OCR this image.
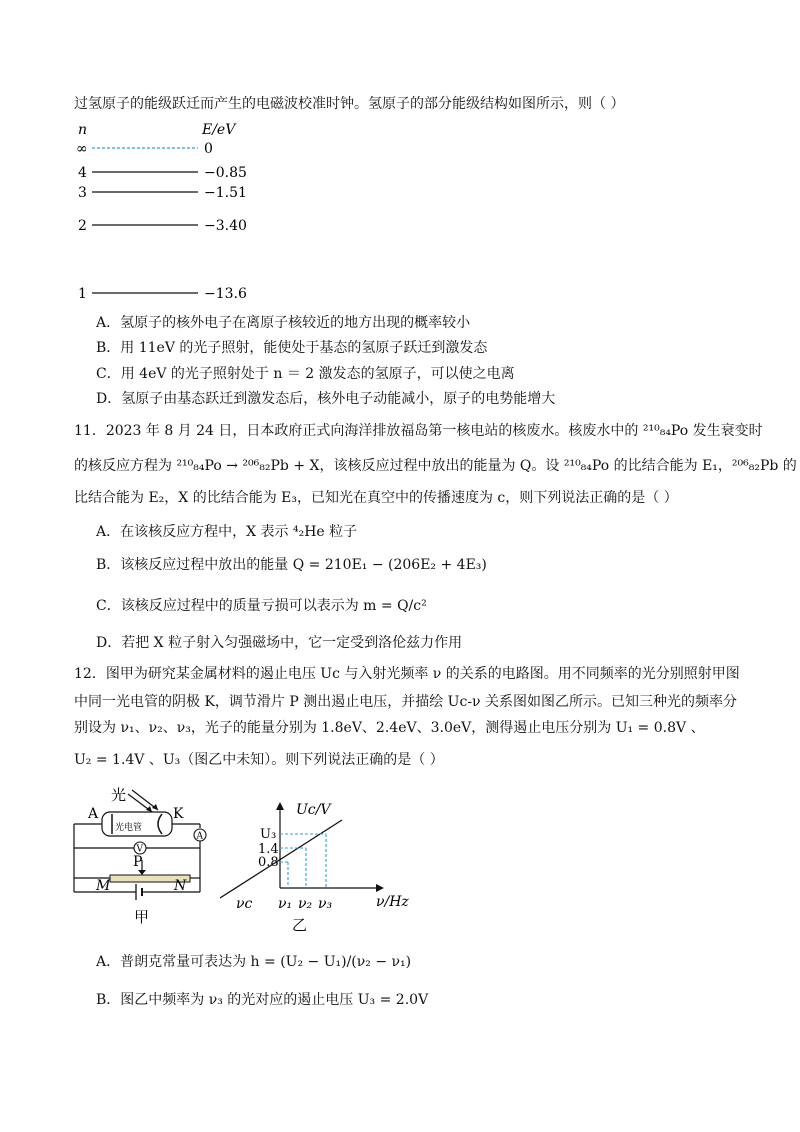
过氢原子的能级跃迁而产生的电磁波校准时钟。氢原子的部分能级结构如图所示，则（ ）
n	E/eV
∞	0
4	−0.85
3	−1.51
2	−3.40
1	−13.6
A．氢原子的核外电子在离原子核较近的地方出现的概率较小
B．用 11eV 的光子照射，能使处于基态的氢原子跃迁到激发态
C．用 4eV 的光子照射处于 n ＝ 2 激发态的氢原子，可以使之电离
D．氢原子由基态跃迁到激发态后，核外电子动能减小，原子的电势能增大
11．2023 年 8 月 24 日，日本政府正式向海洋排放福岛第一核电站的核废水。核废水中的 ²¹⁰₈₄Po 发生衰变时
的核反应方程为 ²¹⁰₈₄Po → ²⁰⁶₈₂Pb + X，该核反应过程中放出的能量为 Q。设 ²¹⁰₈₄Po 的比结合能为 E₁，²⁰⁶₈₂Pb 的
比结合能为 E₂，X 的比结合能为 E₃，已知光在真空中的传播速度为 c，则下列说法正确的是（ ）
A．在该核反应方程中，X 表示 ⁴₂He 粒子
B．该核反应过程中放出的能量 Q = 210E₁ − (206E₂ + 4E₃)
C．该核反应过程中的质量亏损可以表示为 m = Q/c²
D．若把 X 粒子射入匀强磁场中，它一定受到洛伦兹力作用
12．图甲为研究某金属材料的遏止电压 Uc 与入射光频率 ν 的关系的电路图。用不同频率的光分别照射甲图
中同一光电管的阴极 K，调节滑片 P 测出遏止电压，并描绘 Uc-ν 关系图如图乙所示。已知三种光的频率分
别设为 ν₁、ν₂、ν₃，光子的能量分别为 1.8eV、2.4eV、3.0eV，测得遏止电压分别为 U₁ = 0.8V 、
U₂ = 1.4V 、U₃（图乙中未知）。则下列说法正确的是（ ）
光
光电管
A	K
A
V
P
M	N
甲
Uc/V
ν/Hz
U₃
1.4
0.8
νc ν₁ ν₂ ν₃
乙
A．普朗克常量可表达为 h = (U₂ − U₁)/(ν₂ − ν₁)
B．图乙中频率为 ν₃ 的光对应的遏止电压 U₃ = 2.0V
